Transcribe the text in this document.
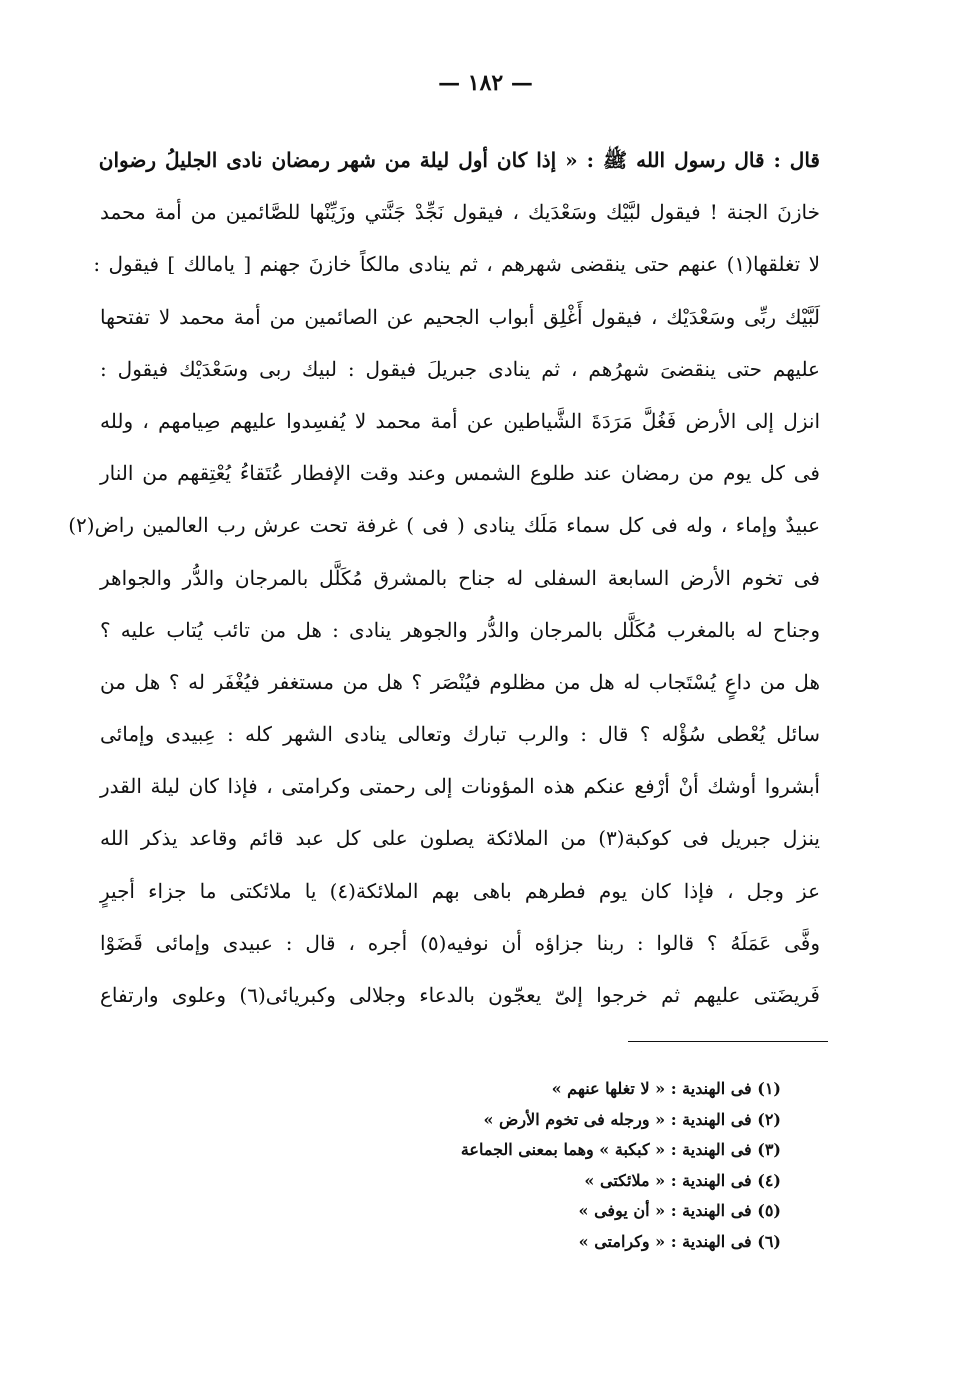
— ١٨٢ —
قال : قال رسول الله ﷺ : « إذا كان أول ليلة من شهر رمضان نادى الجليلُ رضوان
خازنَ الجنة ! فيقول لبَّيْك وسَعْدَيك ، فيقول نَجِّدْ جَنَّتي وزَيِّنْها للصَّائمين من أمة محمد
لا تغلقها(١) عنهم حتى ينقضى شهرهم ، ثم ينادى مالكاً خازنَ جهنم [ يامالك ] فيقول :
لَبَّيْك ربِّى وسَعْدَيْك ، فيقول أَغْلِق أبواب الجحيم عن الصائمين من أمة محمد لا تفتحها
عليهم حتى ينقضىَ شهرُهم ، ثم ينادى جبريلَ فيقول : لبيك ربى وسَعْدَيْك فيقول :
انزل إلى الأرض فَغُلَّ مَرَدَةَ الشَّياطين عن أمة محمد لا يُفسِدوا عليهم صِيامهم ، ولله
فى كل يوم من رمضان عند طلوع الشمس وعند وقت الإفطار عُتَقاءُ يُعْتِقهم من النار
عبيدٌ وإماء ، وله فى كل سماء مَلَك ينادى ( فى ) غرفة تحت عرش رب العالمين راض(٢)
فى تخوم الأرض السابعة السفلى له جناح بالمشرق مُكَلَّل بالمرجان والدُّر والجواهر
وجناح له بالمغرب مُكَلَّل بالمرجان والدُّر والجوهر ينادى : هل من تائب يُتاب عليه ؟
هل من داعٍ يُسْتَجاب له هل من مظلوم فيُنْصَر ؟ هل من مستغفر فيُغْفَر له ؟ هل من
سائل يُعْطى سُؤْله ؟ قال : والرب تبارك وتعالى ينادى الشهر كله : عِبيدى وإمائى
أبشروا أوشك أنْ أرْفع عنكم هذه المؤونات إلى رحمتى وكرامتى ، فإذا كان ليلة القدر
ينزل جبريل فى كوكبة(٣) من الملائكة يصلون على كل عبد قائم وقاعد يذكر الله
عز وجل ، فإذا كان يوم فطرهم باهى بهم الملائكة(٤) يا ملائكتى ما جزاء أجيرٍ
وفَّى عَمَلَهُ ؟ قالوا : ربنا جزاؤه أن نوفيه(٥) أجره ، قال : عبيدى وإمائى قَضَوْا
فَريضَتى عليهم ثم خرجوا إلىّ يعجّون بالدعاء وجلالى وكبريائى(٦) وعلوى وارتفاع
(١) فى الهندية : « لا تغلها عنهم »
(٢) فى الهندية : « ورجله فى تخوم الأرض »
(٣) فى الهندية : « كبكبة » وهما بمعنى الجماعة
(٤) فى الهندية : « ملائكتى »
(٥) فى الهندية : « أن يوفى »
(٦) فى الهندية : « وكرامتى »
